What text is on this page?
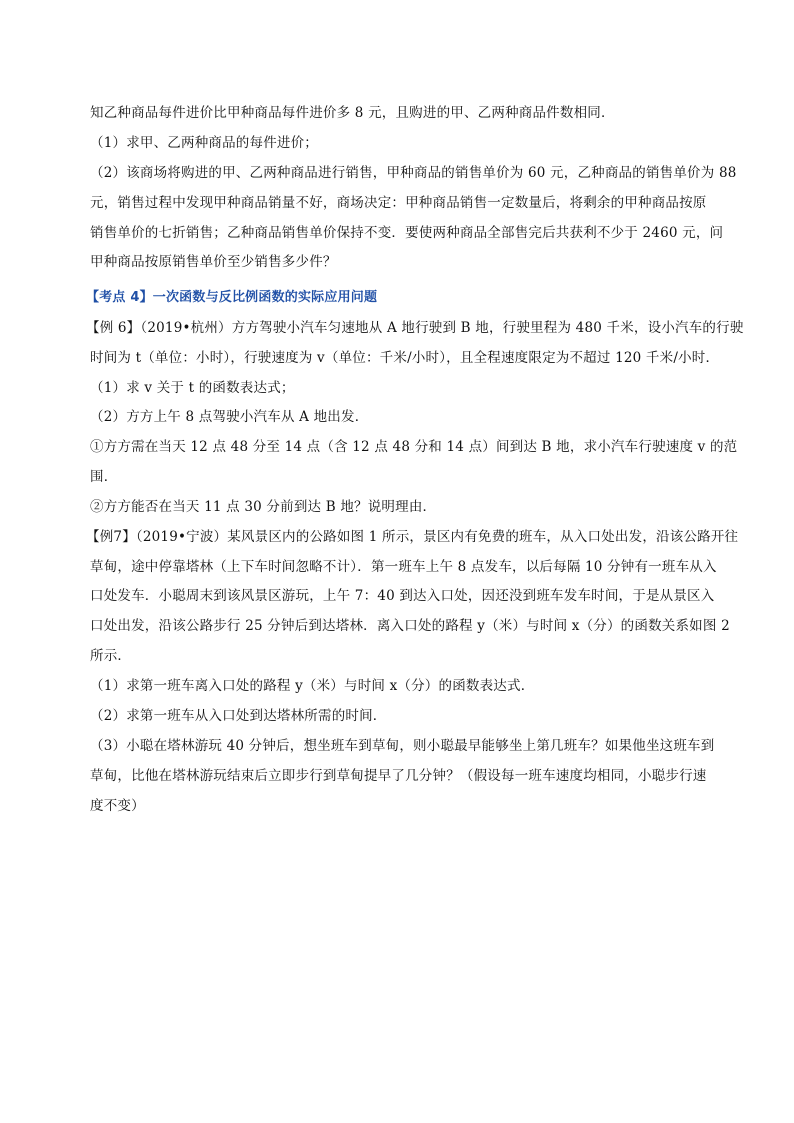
知乙种商品每件进价比甲种商品每件进价多 8 元，且购进的甲、乙两种商品件数相同．
（1）求甲、乙两种商品的每件进价；
（2）该商场将购进的甲、乙两种商品进行销售，甲种商品的销售单价为 60 元，乙种商品的销售单价为 88
元，销售过程中发现甲种商品销量不好，商场决定：甲种商品销售一定数量后，将剩余的甲种商品按原
销售单价的七折销售；乙种商品销售单价保持不变．要使两种商品全部售完后共获利不少于 2460 元，问
甲种商品按原销售单价至少销售多少件？
【考点 4】一次函数与反比例函数的实际应用问题
【例 6】（2019•杭州）方方驾驶小汽车匀速地从 A 地行驶到 B 地，行驶里程为 480 千米，设小汽车的行驶
时间为 t（单位：小时），行驶速度为 v（单位：千米/小时），且全程速度限定为不超过 120 千米/小时．
（1）求 v 关于 t 的函数表达式；
（2）方方上午 8 点驾驶小汽车从 A 地出发．
①方方需在当天 12 点 48 分至 14 点（含 12 点 48 分和 14 点）间到达 B 地，求小汽车行驶速度 v 的范
围．
②方方能否在当天 11 点 30 分前到达 B 地？说明理由．
【例7】（2019•宁波）某风景区内的公路如图 1 所示，景区内有免费的班车，从入口处出发，沿该公路开往
草甸，途中停靠塔林（上下车时间忽略不计）．第一班车上午 8 点发车，以后每隔 10 分钟有一班车从入
口处发车．小聪周末到该风景区游玩，上午 7：40 到达入口处，因还没到班车发车时间，于是从景区入
口处出发，沿该公路步行 25 分钟后到达塔林．离入口处的路程 y（米）与时间 x（分）的函数关系如图 2
所示．
（1）求第一班车离入口处的路程 y（米）与时间 x（分）的函数表达式．
（2）求第一班车从入口处到达塔林所需的时间．
（3）小聪在塔林游玩 40 分钟后，想坐班车到草甸，则小聪最早能够坐上第几班车？如果他坐这班车到
草甸，比他在塔林游玩结束后立即步行到草甸提早了几分钟？（假设每一班车速度均相同，小聪步行速
度不变）
